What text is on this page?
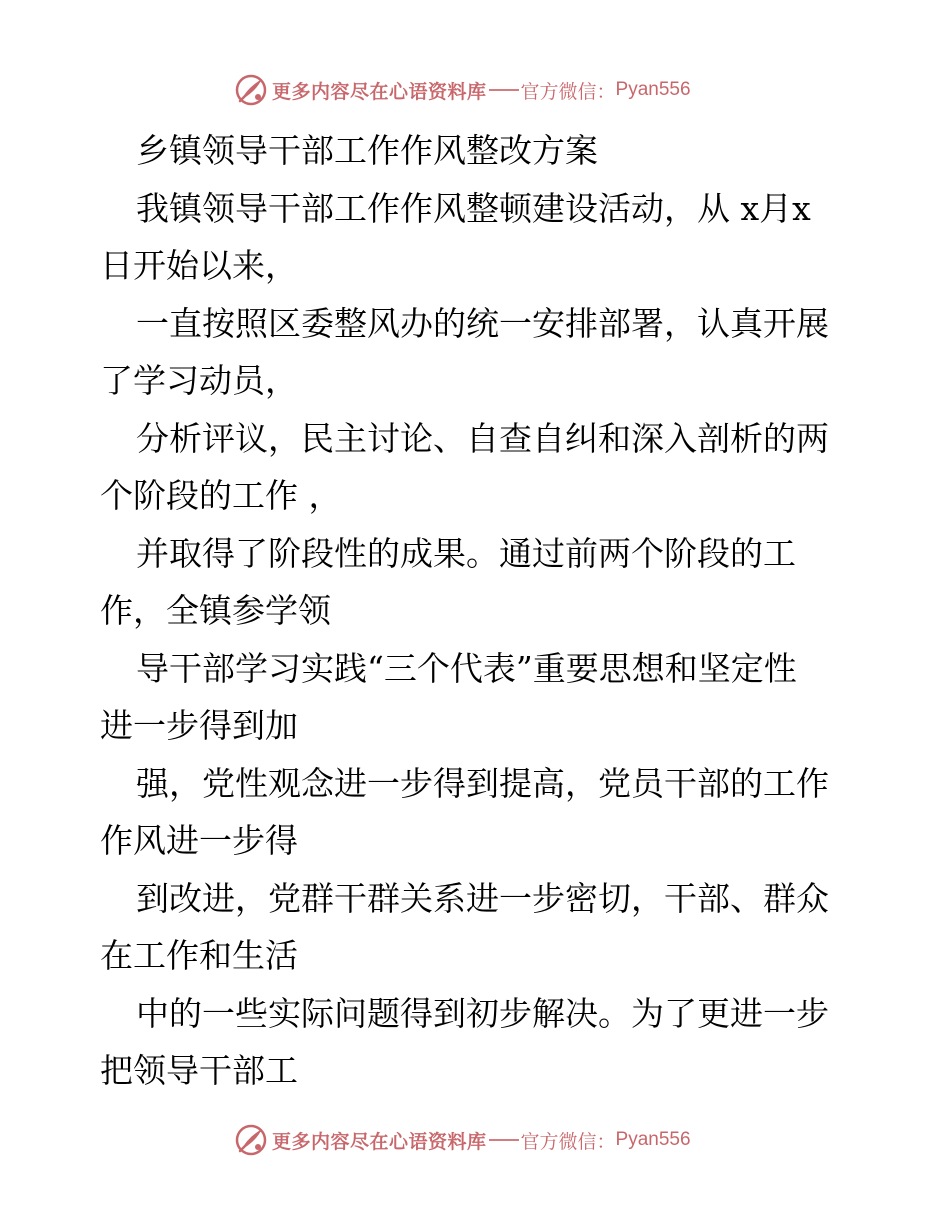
更多内容尽在心语资料库 官方微信： Pyan556
乡镇领导干部工作作风整改方案
我镇领导干部工作作风整顿建设活动，从 x月x
日开始以来，
一直按照区委整风办的统一安排部署，认真开展
了学习动员，
分析评议，民主讨论、自查自纠和深入剖析的两
个阶段的工作 ，
并取得了阶段性的成果。通过前两个阶段的工
作，全镇参学领
导干部学习实践“三个代表”重要思想和坚定性
进一步得到加
强，党性观念进一步得到提高，党员干部的工作
作风进一步得
到改进，党群干群关系进一步密切，干部、群众
在工作和生活
中的一些实际问题得到初步解决。为了更进一步
把领导干部工
更多内容尽在心语资料库 官方微信： Pyan556
